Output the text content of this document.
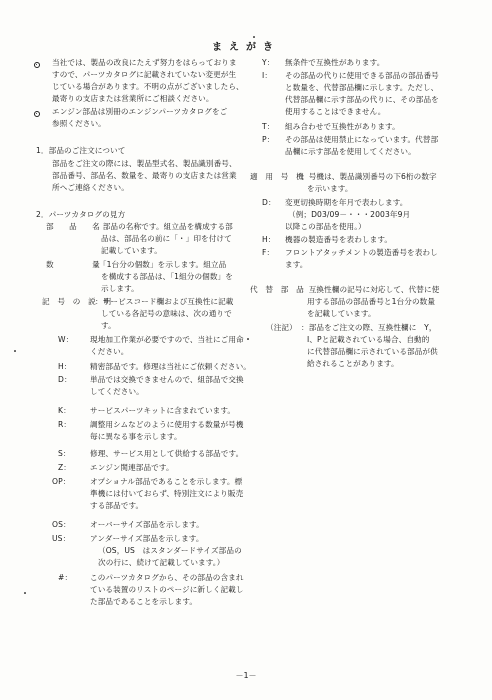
まえがき
当社では、製品の改良にたえず努力をはらっておりま
すので、パーツカタログに記載されていない変更が生
じている場合があります。不明の点がございましたら、
最寄りの支店または営業所にご相談ください。
エンジン部品は別冊のエンジンパーツカタログをご
参照ください。
1．部品のご注文について
部品をご注文の際には、製品型式名、製品識別番号、
部品番号、部品名、数量を、最寄りの支店または営業
所へご連絡ください。
2．パーツカタログの見方
部　　品　　名
：部品の名称です。組立品を構成する部
品は、部品名の前に「・」印を付けて
記載しています。
数　　　　　量
：「1台分の個数」を示します。組立品
を構成する部品は、「1組分の個数」を
示します。
記　号　の　説　明
：サービスコード欄および互換性に記載
している各記号の意味は、次の通りで
す。
W： 現地加工作業が必要ですので、当社にご用命
ください。
H： 精密部品です。修理は当社にご依頼ください。
D： 単品では交換できませんので、組部品で交換
してください。
K：	サービスパーツキットに含まれています。
R： 調整用シムなどのように使用する数量が号機
毎に異なる事を示します。
S：	修理、サービス用として供給する部品です。
Z：	エンジン関連部品です。
OP：	オプショナル部品であることを示します。標
準機には付いておらず、特別注文により販売
する部品です。
OS：	オーバーサイズ部品を示します。
US：	アンダーサイズ部品を示します。
（OS，US　はスタンダードサイズ部品の
次の行に、続けて記載しています。）
#： このパーツカタログから、その部品の含まれ
ている装置のリストのページに新しく記載し
た部品であることを示します。
Y： 無条件で互換性があります。
I： その部品の代りに使用できる部品の部品番号
と数量を、代替部品欄に示します。ただし、
代替部品欄に示す部品の代りに、その部品を
使用することはできません。
T： 組み合わせで互換性があります。
P： その部品は使用禁止になっています。代替部
品欄に示す部品を使用してください。
適　用　号　機
：号機は、製品識別番号の下6桁の数字
を示います。
D： 変更切換時期を年月で表わします。
（例；D03/09－・・・2003年9月
以降この部品を使用。）
H： 機器の製造番号を表わします。
F： フロントアタッチメントの製造番号を表わし
ます。
代　替　部　品
：互換性欄の記号に対応して、代替に使
用する部品の部品番号と1台分の数量
を記載しています。
（注記） ：部品をご注文の際、互換性欄に　Y，
I、Pと記載されている場合、自動的
に代替部品欄に示されている部品が供
給されることがあります。
－1－
